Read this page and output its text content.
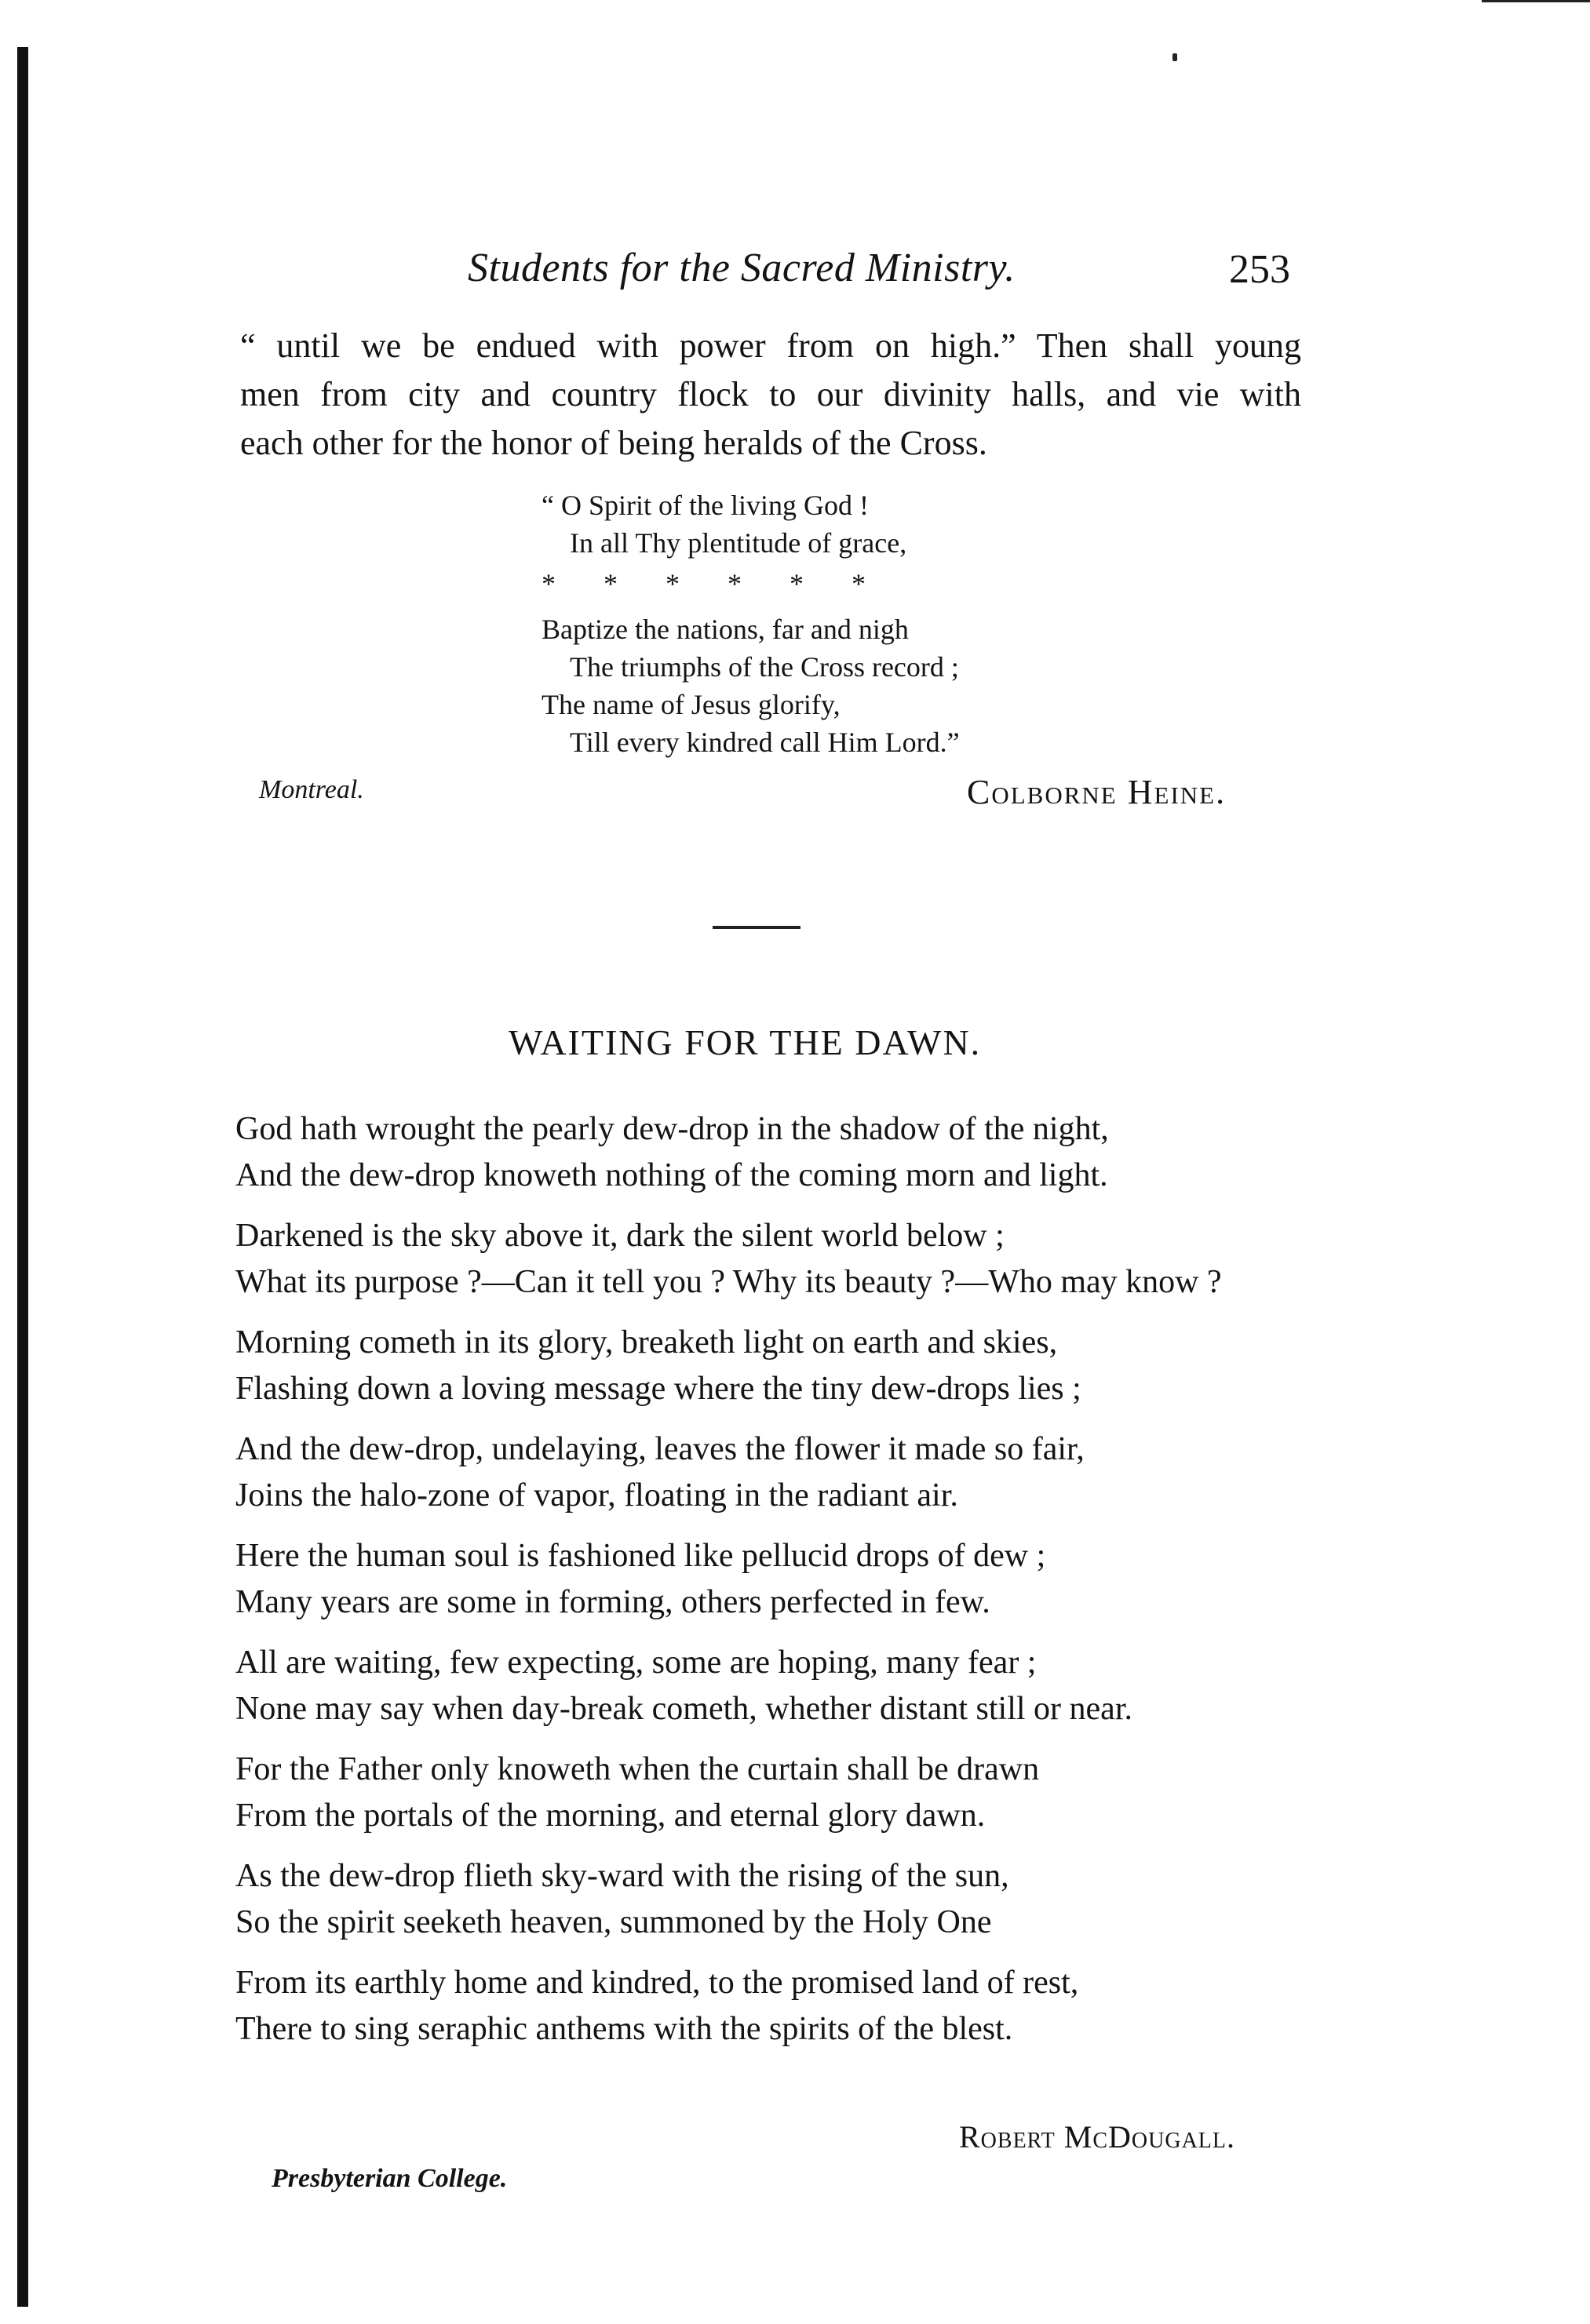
Students for the Sacred Ministry.	253
“ until we be endued with power from on high.” Then shall young
men from city and country flock to our divinity halls, and vie with
each other for the honor of being heralds of the Cross.
“ O Spirit of the living God !
In all Thy plentitude of grace,
* * * * * *
Baptize the nations, far and nigh
The triumphs of the Cross record ;
The name of Jesus glorify,
Till every kindred call Him Lord.”
Montreal.	Colborne Heine.
WAITING FOR THE DAWN.
God hath wrought the pearly dew-drop in the shadow of the night,
And the dew-drop knoweth nothing of the coming morn and light.
Darkened is the sky above it, dark the silent world below ;
What its purpose ?—Can it tell you ? Why its beauty ?—Who may know ?
Morning cometh in its glory, breaketh light on earth and skies,
Flashing down a loving message where the tiny dew-drops lies ;
And the dew-drop, undelaying, leaves the flower it made so fair,
Joins the halo-zone of vapor, floating in the radiant air.
Here the human soul is fashioned like pellucid drops of dew ;
Many years are some in forming, others perfected in few.
All are waiting, few expecting, some are hoping, many fear ;
None may say when day-break cometh, whether distant still or near.
For the Father only knoweth when the curtain shall be drawn
From the portals of the morning, and eternal glory dawn.
As the dew-drop flieth sky-ward with the rising of the sun,
So the spirit seeketh heaven, summoned by the Holy One
From its earthly home and kindred, to the promised land of rest,
There to sing seraphic anthems with the spirits of the blest.
Robert McDougall.
Presbyterian College.
